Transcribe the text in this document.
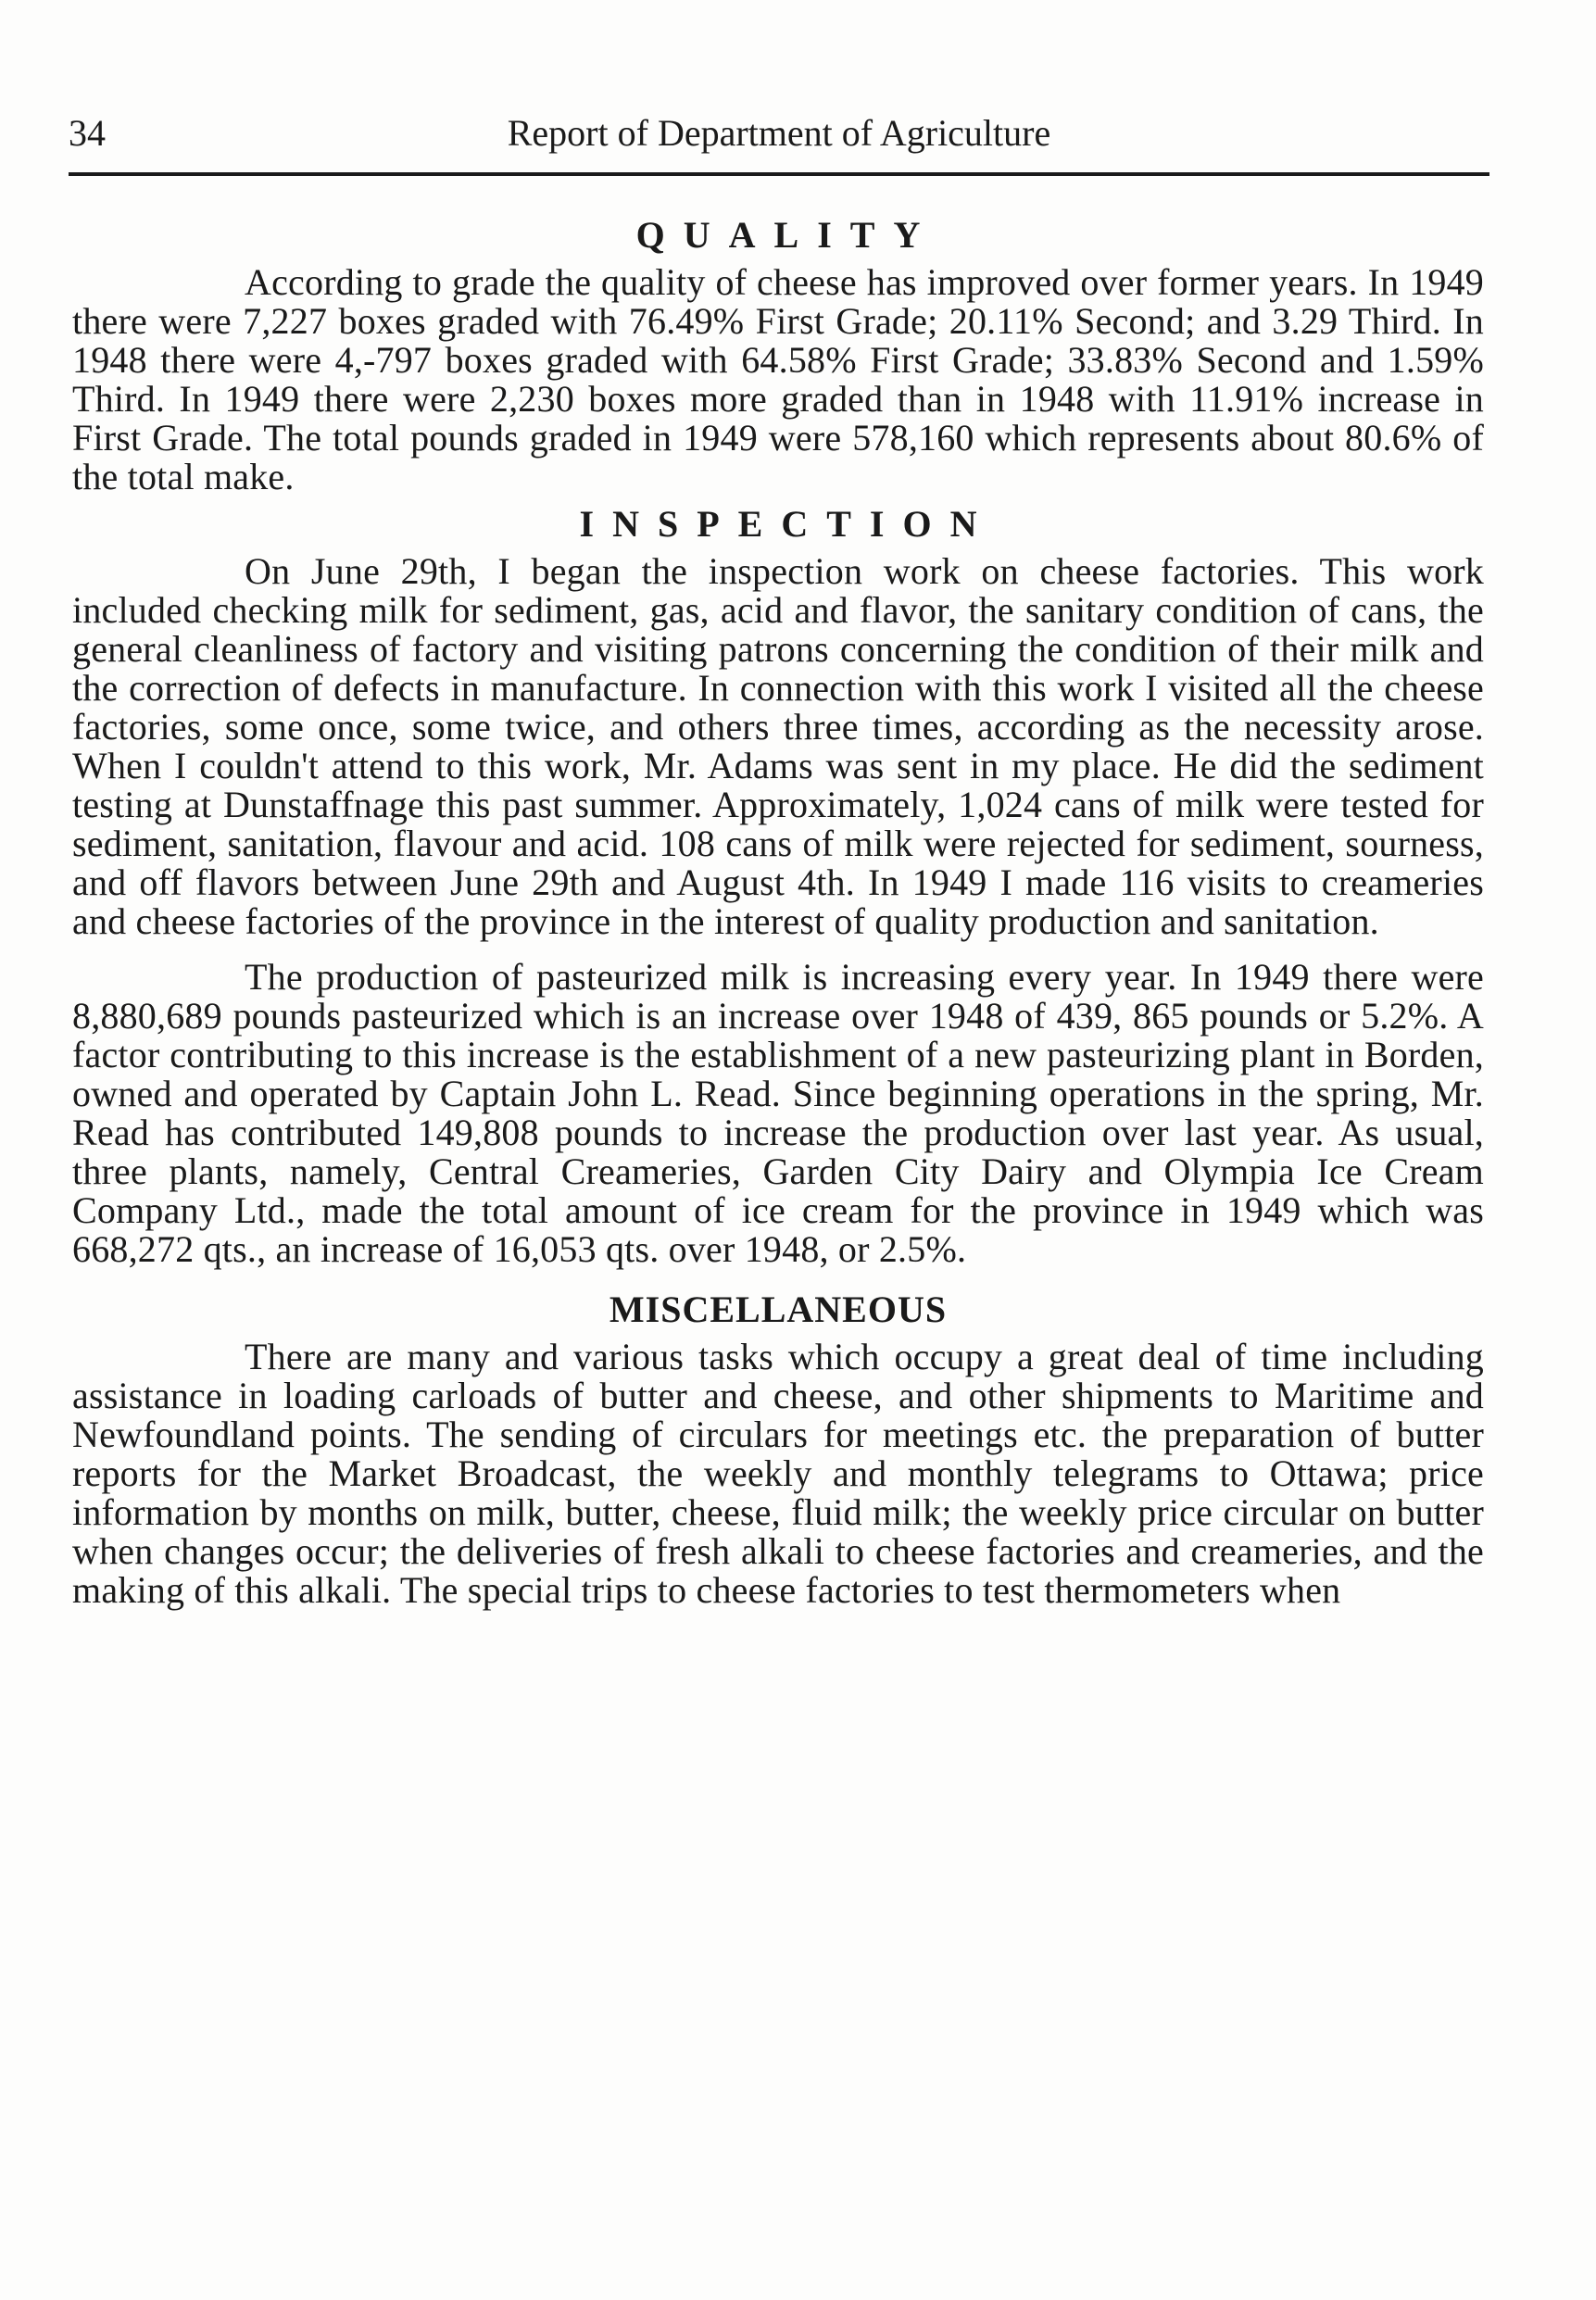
34	Report of Department of Agriculture
QUALITY

According to grade the quality of cheese has improved over former years. In 1949 there were 7,227 boxes graded with 76.49% First Grade; 20.11% Second; and 3.29 Third. In 1948 there were 4,-797 boxes graded with 64.58% First Grade; 33.83% Second and 1.59% Third. In 1949 there were 2,230 boxes more graded than in 1948 with 11.91% increase in First Grade. The total pounds graded in 1949 were 578,160 which represents about 80.6% of the total make.

INSPECTION

On June 29th, I began the inspection work on cheese factories. This work included checking milk for sediment, gas, acid and flavor, the sanitary condition of cans, the general cleanliness of factory and visiting patrons concerning the condition of their milk and the correction of defects in manufacture. In connection with this work I visited all the cheese factories, some once, some twice, and others three times, according as the necessity arose. When I couldn't attend to this work, Mr. Adams was sent in my place. He did the sediment testing at Dunstaffnage this past summer. Approximately, 1,024 cans of milk were tested for sediment, sanitation, flavour and acid. 108 cans of milk were rejected for sediment, sourness, and off flavors between June 29th and August 4th. In 1949 I made 116 visits to creameries and cheese factories of the province in the interest of quality production and sanitation.

The production of pasteurized milk is increasing every year. In 1949 there were 8,880,689 pounds pasteurized which is an increase over 1948 of 439, 865 pounds or 5.2%. A factor contributing to this increase is the establishment of a new pasteurizing plant in Borden, owned and operated by Captain John L. Read. Since beginning operations in the spring, Mr. Read has contributed 149,808 pounds to increase the production over last year. As usual, three plants, namely, Central Creameries, Garden City Dairy and Olympia Ice Cream Company Ltd., made the total amount of ice cream for the province in 1949 which was 668,272 qts., an increase of 16,053 qts. over 1948, or 2.5%.

MISCELLANEOUS

There are many and various tasks which occupy a great deal of time including assistance in loading carloads of butter and cheese, and other shipments to Maritime and Newfoundland points. The sending of circulars for meetings etc. the preparation of butter reports for the Market Broadcast, the weekly and monthly telegrams to Ottawa; price information by months on milk, butter, cheese, fluid milk; the weekly price circular on butter when changes occur; the deliveries of fresh alkali to cheese factories and creameries, and the making of this alkali. The special trips to cheese factories to test thermometers when
